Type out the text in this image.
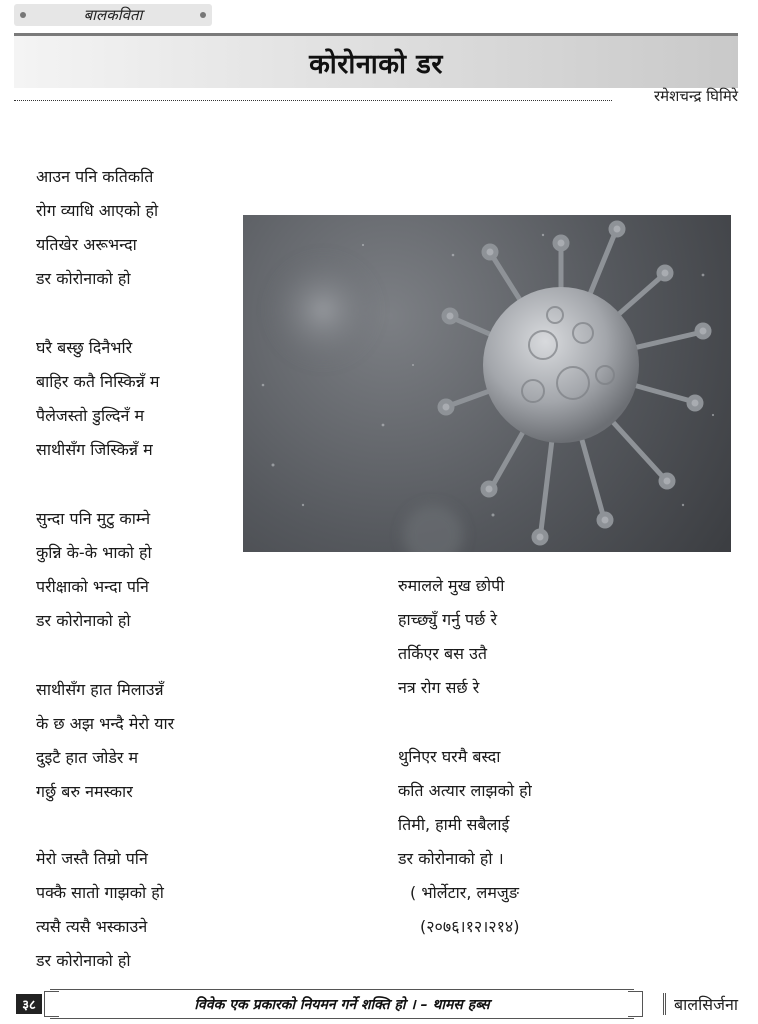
बालकविता
कोरोनाको डर
रमेशचन्द्र घिमिरे
आउन पनि कतिकति
रोग व्याधि आएको हो
यतिखेर अरूभन्दा
डर कोरोनाको हो
घरै बस्छु दिनैभरि
बाहिर कतै निस्किन्नँ म
पैलेजस्तो डुल्दिनँ म
साथीसँग जिस्किन्नँ म
सुन्दा पनि मुटु काम्ने
कुन्नि के-के भाको हो
परीक्षाको भन्दा पनि
डर कोरोनाको हो
साथीसँग हात मिलाउन्नँ
के छ अझ भन्दै मेरो यार
दुइटै हात जोडेर म
गर्छु बरु नमस्कार
मेरो जस्तै तिम्रो पनि
पक्कै सातो गाझको हो
त्यसै त्यसै भस्काउने
डर कोरोनाको हो
रुमालले मुख छोपी
हाच्छ्युँ गर्नु पर्छ रे
तर्किएर बस उतै
नत्र रोग सर्छ रे
थुनिएर घरमै बस्दा
कति अत्यार लाझको हो
तिमी, हामी सबैलाई
डर कोरोनाको हो ।
( भोर्लेटार, लमजुङ
(२०७६।१२।२१४)
३८	विवेक एक प्रकारको नियमन गर्ने शक्ति हो । – थामस हब्स	बालसिर्जना
